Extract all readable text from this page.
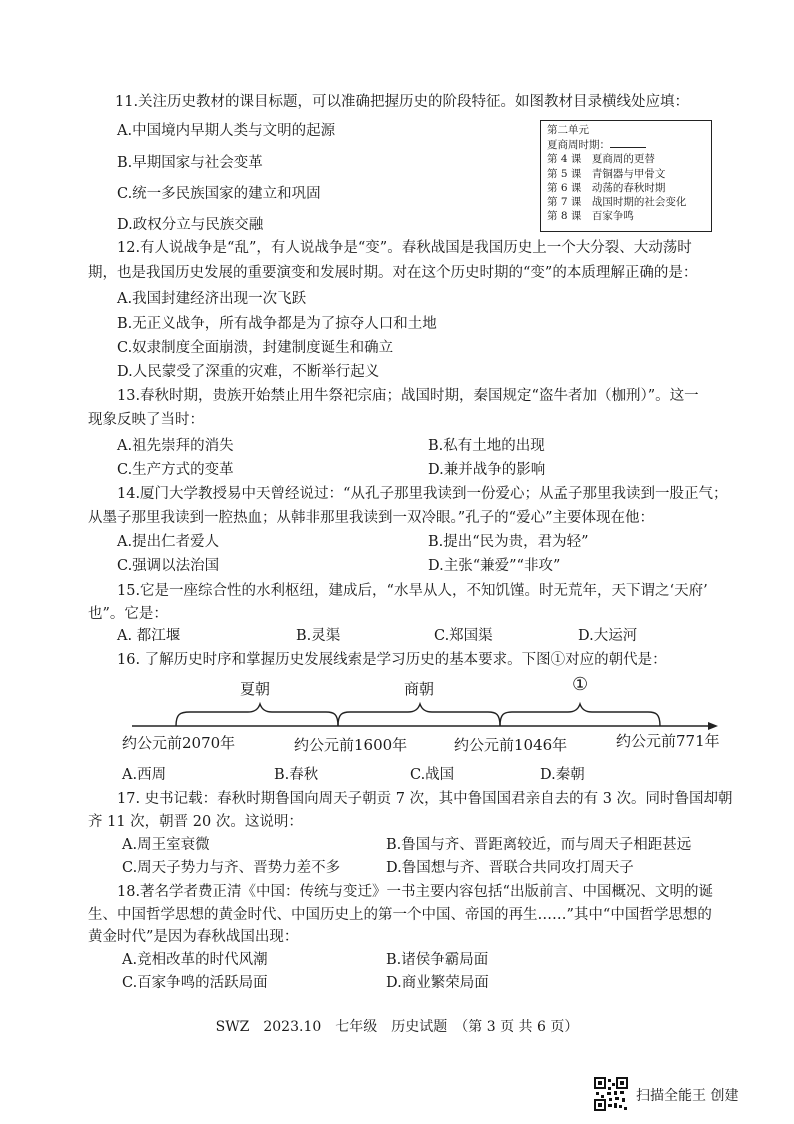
11.关注历史教材的课目标题，可以准确把握历史的阶段特征。如图教材目录横线处应填：
A.中国境内早期人类与文明的起源
B.早期国家与社会变革
C.统一多民族国家的建立和巩固
D.政权分立与民族交融
第二单元
夏商周时期：
第 4 课　夏商周的更替
第 5 课　青铜器与甲骨文
第 6 课　动荡的春秋时期
第 7 课　战国时期的社会变化
第 8 课　百家争鸣
12.有人说战争是“乱”，有人说战争是“变”。春秋战国是我国历史上一个大分裂、大动荡时
期，也是我国历史发展的重要演变和发展时期。对在这个历史时期的“变”的本质理解正确的是：
A.我国封建经济出现一次飞跃
B.无正义战争，所有战争都是为了掠夺人口和土地
C.奴隶制度全面崩溃，封建制度诞生和确立
D.人民蒙受了深重的灾难，不断举行起义
13.春秋时期，贵族开始禁止用牛祭祀宗庙；战国时期，秦国规定“盗牛者加（枷刑）”。这一
现象反映了当时：
A.祖先崇拜的消失	B.私有土地的出现
C.生产方式的变革	D.兼并战争的影响
14.厦门大学教授易中天曾经说过：“从孔子那里我读到一份爱心；从孟子那里我读到一股正气；
从墨子那里我读到一腔热血；从韩非那里我读到一双冷眼。”孔子的“爱心”主要体现在他：
A.提出仁者爱人	B.提出“民为贵，君为轻”
C.强调以法治国	D.主张“兼爱”“非攻”
15.它是一座综合性的水利枢纽，建成后，“水旱从人，不知饥馑。时无荒年，天下谓之‘天府’
也”。它是：
A. 都江堰	B.灵渠	C.郑国渠	D.大运河
16. 了解历史时序和掌握历史发展线索是学习历史的基本要求。下图①对应的朝代是：
夏朝	商朝	①
约公元前2070年	约公元前1600年	约公元前1046年	约公元前771年
A.西周	B.春秋	C.战国	D.秦朝
17. 史书记载：春秋时期鲁国向周天子朝贡 7 次，其中鲁国国君亲自去的有 3 次。同时鲁国却朝
齐 11 次，朝晋 20 次。这说明：
A.周王室衰微	B.鲁国与齐、晋距离较近，而与周天子相距甚远
C.周天子势力与齐、晋势力差不多	D.鲁国想与齐、晋联合共同攻打周天子
18.著名学者费正清《中国：传统与变迁》一书主要内容包括“出版前言、中国概况、文明的诞
生、中国哲学思想的黄金时代、中国历史上的第一个中国、帝国的再生……”其中“中国哲学思想的
黄金时代”是因为春秋战国出现：
A.竞相改革的时代风潮	B.诸侯争霸局面
C.百家争鸣的活跃局面	D.商业繁荣局面
SWZ　2023.10　七年级　历史试题　（第 3 页 共 6 页）
扫描全能王 创建
